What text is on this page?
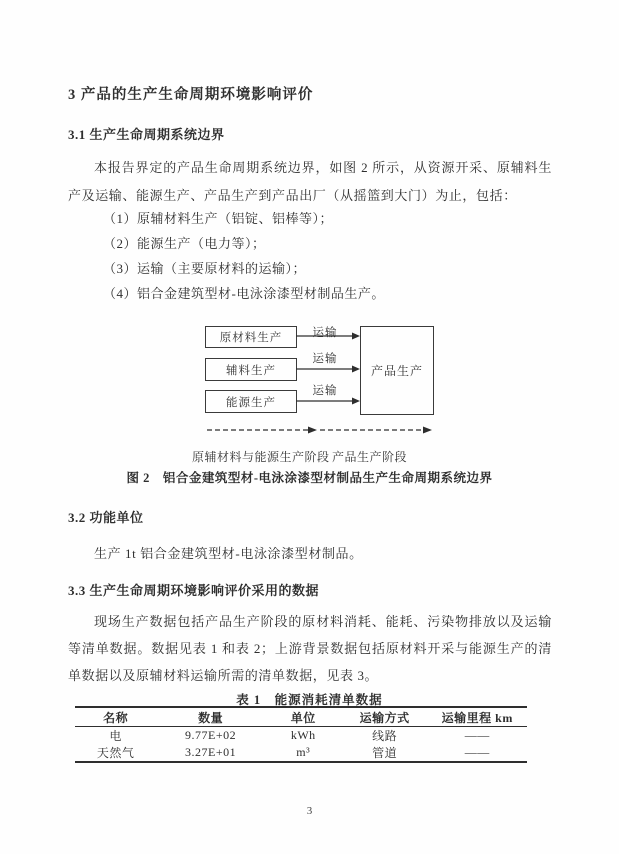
3 产品的生产生命周期环境影响评价
3.1 生产生命周期系统边界
本报告界定的产品生命周期系统边界，如图 2 所示，从资源开采、原辅料生产及运输、能源生产、产品生产到产品出厂（从摇篮到大门）为止，包括：
（1）原辅材料生产（铝锭、铝棒等）；
（2）能源生产（电力等）；
（3）运输（主要原材料的运输）；
（4）铝合金建筑型材-电泳涂漆型材制品生产。
原材料生产
辅料生产
能源生产
产品生产
运输
运输
运输
原辅材料与能源生产阶段 产品生产阶段
图 2　铝合金建筑型材-电泳涂漆型材制品生产生命周期系统边界
3.2 功能单位
生产 1t 铝合金建筑型材-电泳涂漆型材制品。
3.3 生产生命周期环境影响评价采用的数据
现场生产数据包括产品生产阶段的原材料消耗、能耗、污染物排放以及运输等清单数据。数据见表 1 和表 2；上游背景数据包括原材料开采与能源生产的清单数据以及原辅材料运输所需的清单数据，见表 3。
表 1　能源消耗清单数据
名称	数量	单位	运输方式	运输里程 km
电	9.77E+02	kWh	线路	——
天然气	3.27E+01	m³	管道	——
3
